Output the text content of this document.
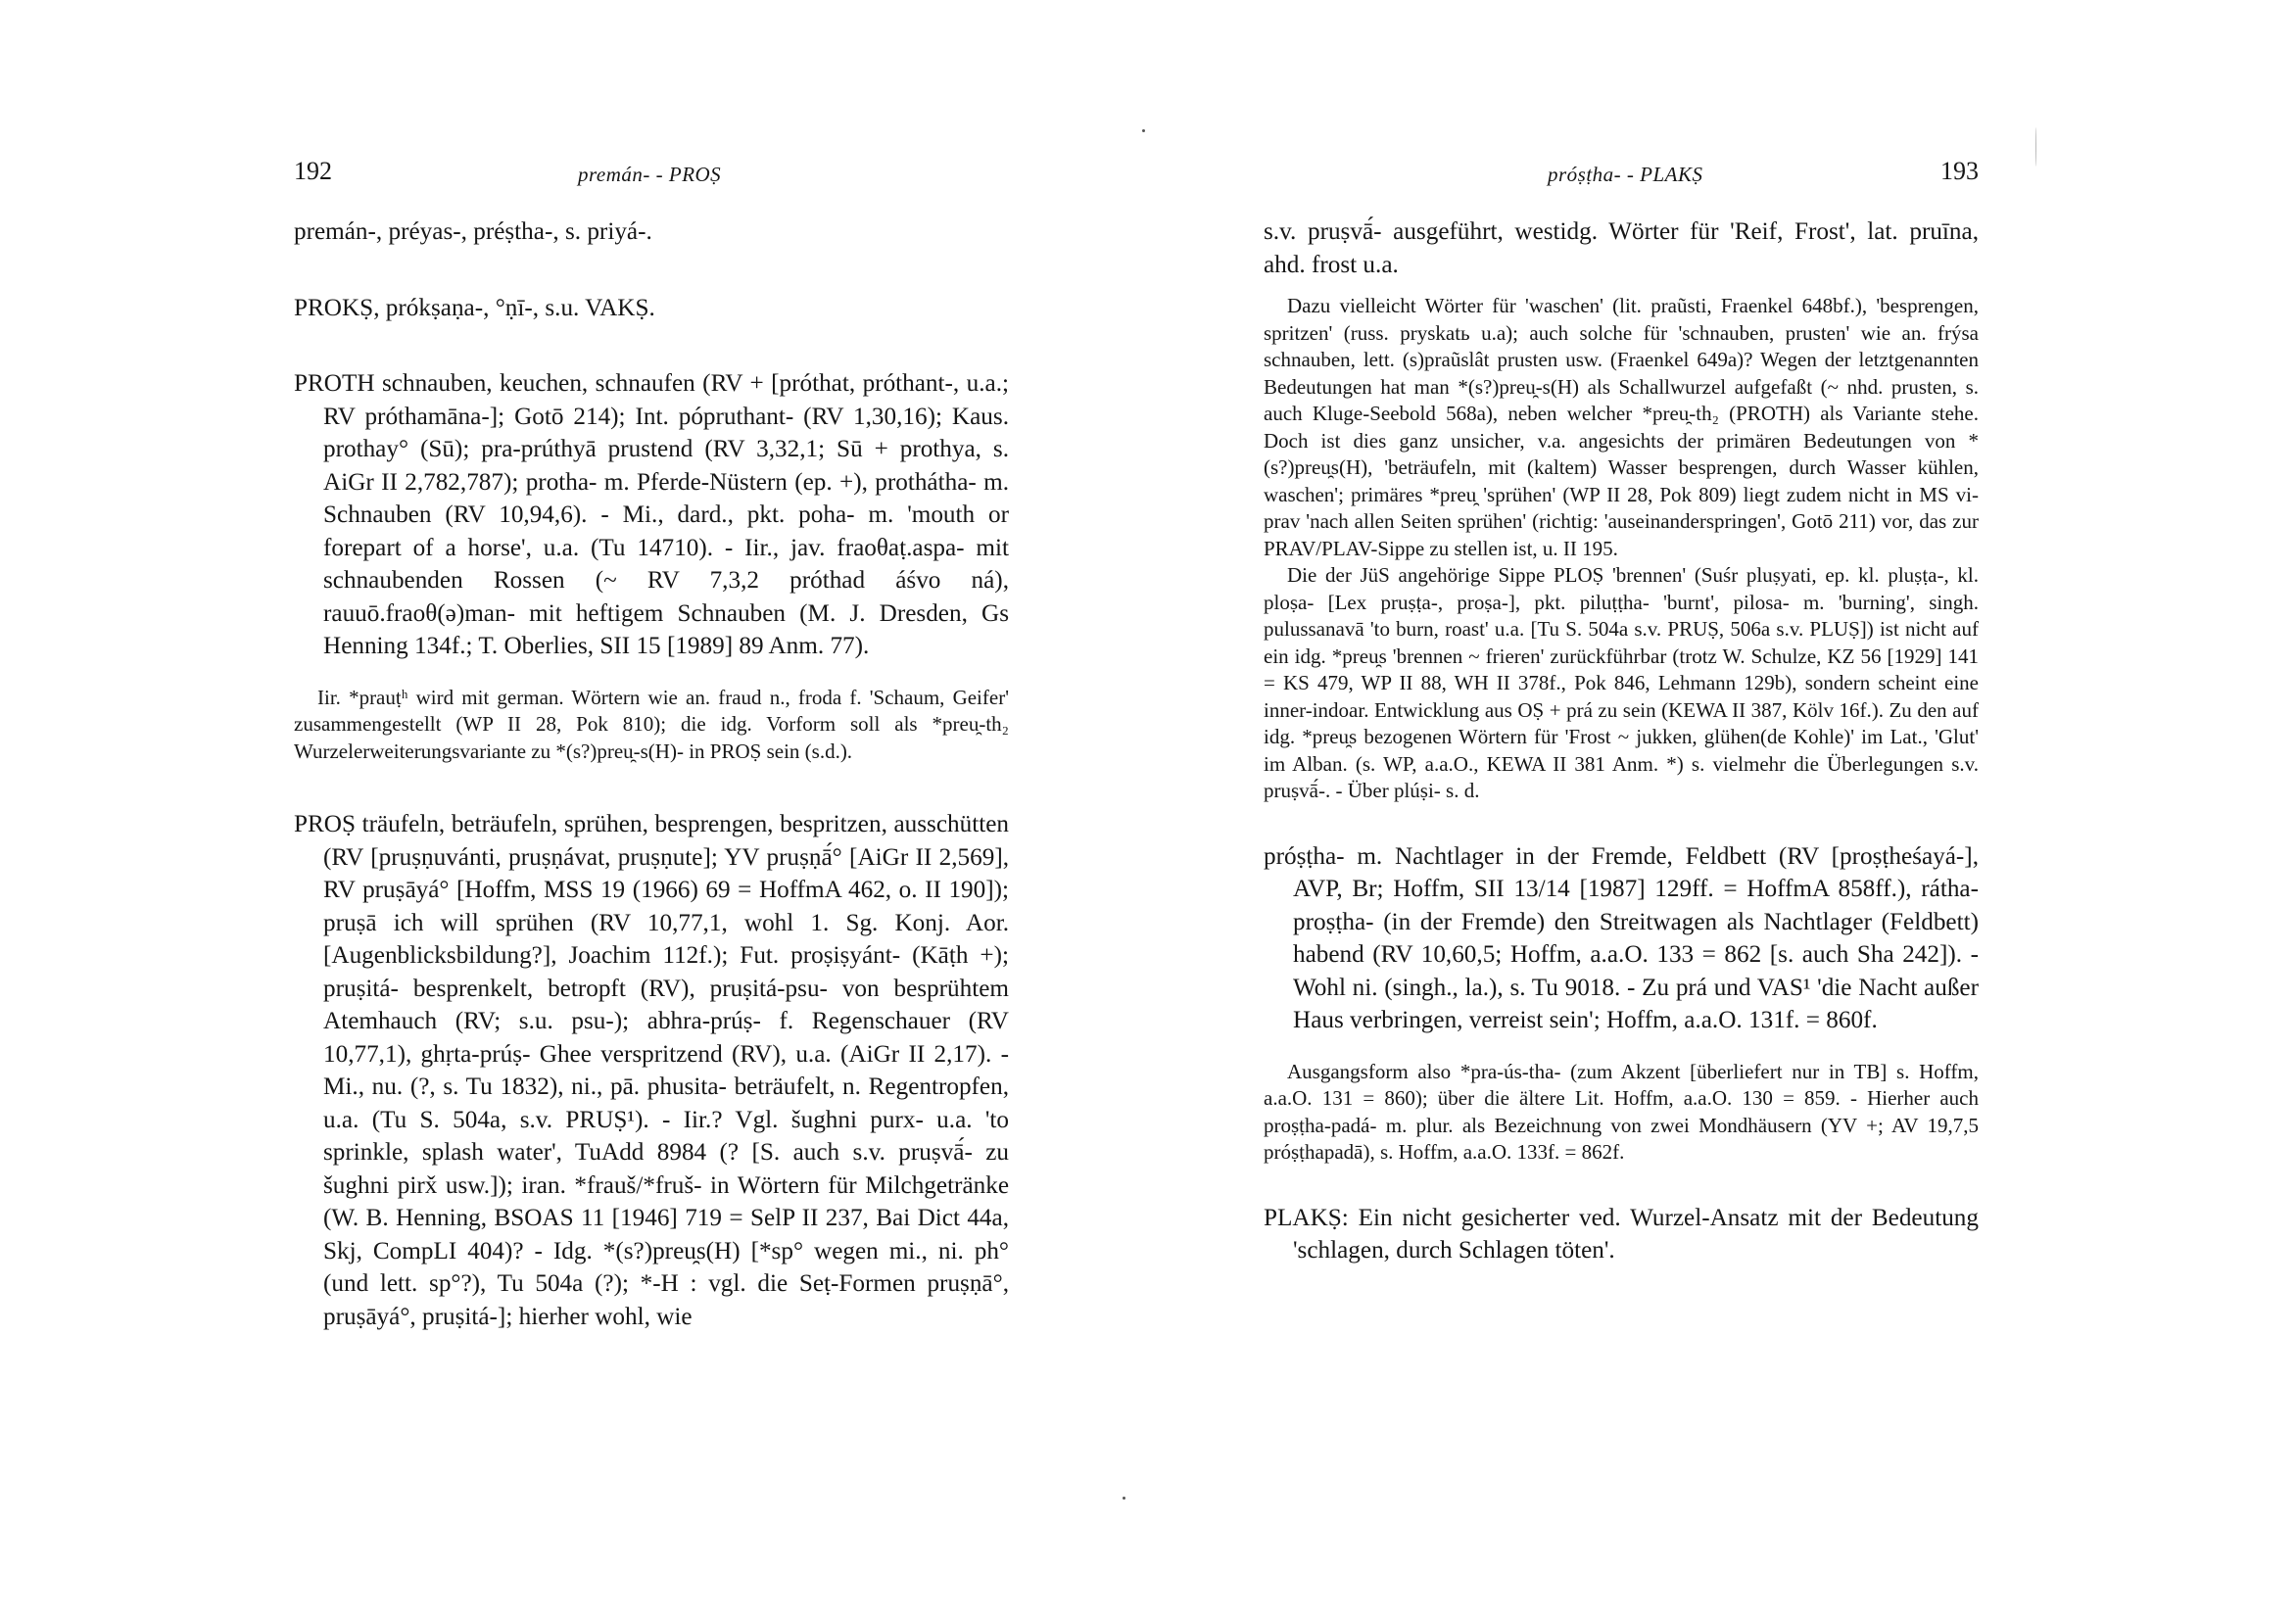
192	premán- - PROṢ

premán-, préyas-, préṣtha-, s. priyá-.

PROKṢ, prókṣaṇa-, °ṇī-, s.u. VAKṢ.

PROTH schnauben, keuchen, schnaufen (RV + [próthat, próthant-, u.a.; RV próthamāna-]; Gotō 214); Int. pópruthant- (RV 1,30,16); Kaus. prothay° (Sū); pra-prúthyā prustend (RV 3,32,1; Sū + prothya, s. AiGr II 2,782,787); protha- m. Pferde-Nüstern (ep. +), prothátha- m. Schnauben (RV 10,94,6). - Mi., dard., pkt. poha- m. 'mouth or forepart of a horse', u.a. (Tu 14710). - Iir., jav. fraoθaṭ.aspa- mit schnaubenden Rossen (~ RV 7,3,2 próthad áśvo ná), rauuō.fraoθ(ə)man- mit heftigem Schnauben (M. J. Dresden, Gs Henning 134f.; T. Oberlies, SII 15 [1989] 89 Anm. 77).

Iir. *prauṭʰ wird mit german. Wörtern wie an. fraud n., froda f. 'Schaum, Geifer' zusammengestellt (WP II 28, Pok 810); die idg. Vorform soll als *preu̯-th₂ Wurzelerweiterungsvariante zu *(s?)preu̯-s(H)- in PROṢ sein (s.d.).

PROṢ träufeln, beträufeln, sprühen, besprengen, bespritzen, ausschütten (RV [pruṣṇuvánti, pruṣṇávat, pruṣṇute]; YV pruṣṇā́° [AiGr II 2,569], RV pruṣāyá° [Hoffm, MSS 19 (1966) 69 = HoffmA 462, o. II 190]); pruṣā ich will sprühen (RV 10,77,1, wohl 1. Sg. Konj. Aor. [Augenblicksbildung?], Joachim 112f.); Fut. proṣiṣyánt- (Kāṭh +); pruṣitá- besprenkelt, betropft (RV), pruṣitá-psu- von besprühtem Atemhauch (RV; s.u. psu-); abhra-prúṣ- f. Regenschauer (RV 10,77,1), ghṛta-prúṣ- Ghee verspritzend (RV), u.a. (AiGr II 2,17). - Mi., nu. (?, s. Tu 1832), ni., pā. phusita- beträufelt, n. Regentropfen, u.a. (Tu S. 504a, s.v. PRUṢ¹). - Iir.? Vgl. šughni purx- u.a. 'to sprinkle, splash water', TuAdd 8984 (? [S. auch s.v. pruṣvā́- zu šughni pirx̌ usw.]); iran. *frauš/*fruš- in Wörtern für Milchgetränke (W. B. Henning, BSOAS 11 [1946] 719 = SelP II 237, Bai Dict 44a, Skj, CompLI 404)? - Idg. *(s?)preu̯s(H) [*sp° wegen mi., ni. ph° (und lett. sp°?), Tu 504a (?); *-H : vgl. die Seṭ-Formen pruṣṇā°, pruṣāyá°, pruṣitá-]; hierher wohl, wie

próṣṭha- - PLAKṢ	193

s.v. pruṣvā́- ausgeführt, westidg. Wörter für 'Reif, Frost', lat. pruīna, ahd. frost u.a.

Dazu vielleicht Wörter für 'waschen' (lit. praũsti, Fraenkel 648bf.), 'besprengen, spritzen' (russ. pryskatь u.a); auch solche für 'schnauben, prusten' wie an. frýsa schnauben, lett. (s)praũslât prusten usw. (Fraenkel 649a)? Wegen der letztgenannten Bedeutungen hat man *(s?)preu̯-s(H) als Schallwurzel aufgefaßt (~ nhd. prusten, s. auch Kluge-Seebold 568a), neben welcher *preu̯-th₂ (PROTH) als Variante stehe. Doch ist dies ganz unsicher, v.a. angesichts der primären Bedeutungen von *(s?)preu̯s(H), 'beträufeln, mit (kaltem) Wasser besprengen, durch Wasser kühlen, waschen'; primäres *preu̯ 'sprühen' (WP II 28, Pok 809) liegt zudem nicht in MS vi-prav 'nach allen Seiten sprühen' (richtig: 'auseinanderspringen', Gotō 211) vor, das zur PRAV/PLAV-Sippe zu stellen ist, u. II 195.

Die der JüS angehörige Sippe PLOṢ 'brennen' (Suśr pluṣyati, ep. kl. pluṣṭa-, kl. ploṣa- [Lex pruṣṭa-, proṣa-], pkt. piluṭṭha- 'burnt', pilosa- m. 'burning', singh. pulussanavā 'to burn, roast' u.a. [Tu S. 504a s.v. PRUṢ, 506a s.v. PLUṢ]) ist nicht auf ein idg. *preu̯s 'brennen ~ frieren' zurückführbar (trotz W. Schulze, KZ 56 [1929] 141 = KS 479, WP II 88, WH II 378f., Pok 846, Lehmann 129b), sondern scheint eine inner-indoar. Entwicklung aus OṢ + prá zu sein (KEWA II 387, Kölv 16f.). Zu den auf idg. *preu̯s bezogenen Wörtern für 'Frost ~ jukken, glühen(de Kohle)' im Lat., 'Glut' im Alban. (s. WP, a.a.O., KEWA II 381 Anm. *) s. vielmehr die Überlegungen s.v. pruṣvā́-. - Über plúṣi- s. d.

próṣṭha- m. Nachtlager in der Fremde, Feldbett (RV [proṣṭheśayá-], AVP, Br; Hoffm, SII 13/14 [1987] 129ff. = HoffmA 858ff.), rátha-proṣṭha- (in der Fremde) den Streitwagen als Nachtlager (Feldbett) habend (RV 10,60,5; Hoffm, a.a.O. 133 = 862 [s. auch Sha 242]). - Wohl ni. (singh., la.), s. Tu 9018. - Zu prá und VAS¹ 'die Nacht außer Haus verbringen, verreist sein'; Hoffm, a.a.O. 131f. = 860f.

Ausgangsform also *pra-ús-tha- (zum Akzent [überliefert nur in TB] s. Hoffm, a.a.O. 131 = 860); über die ältere Lit. Hoffm, a.a.O. 130 = 859. - Hierher auch proṣṭha-padá- m. plur. als Bezeichnung von zwei Mondhäusern (YV +; AV 19,7,5 próṣṭhapadā), s. Hoffm, a.a.O. 133f. = 862f.

PLAKṢ: Ein nicht gesicherter ved. Wurzel-Ansatz mit der Bedeutung 'schlagen, durch Schlagen töten'.
